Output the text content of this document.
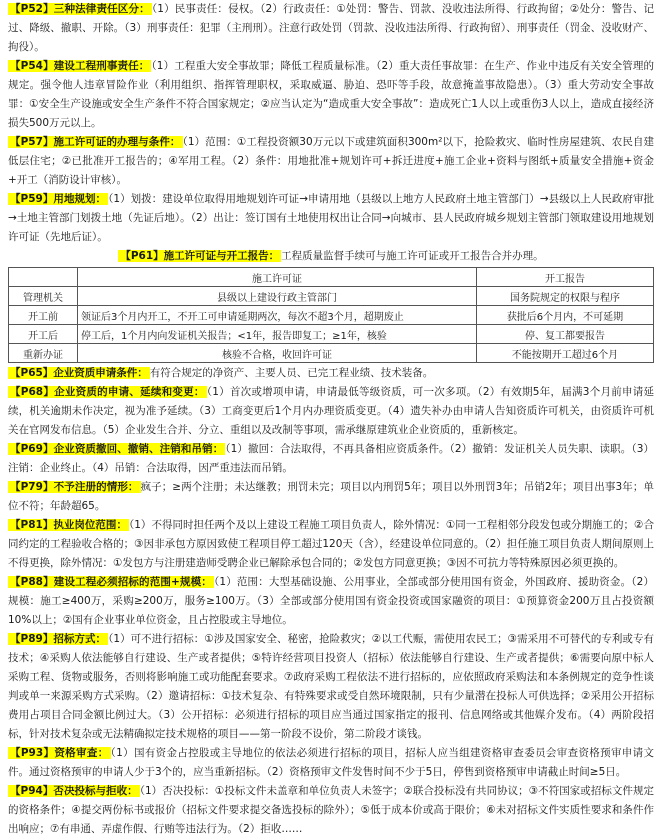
【P52】三种法律责任区分： （1）民事责任：侵权。（2）行政责任：①处罚：警告、罚款、没收违法所得、行政拘留；②处分：警告、记过、降级、撤职、开除。（3）刑事责任：犯罪（主刑刑）。注意行政处罚（罚款、没收违法所得、行政拘留）、刑事责任（罚金、没收财产、拘役）。

【P54】建设工程刑事责任： （1）工程重大安全事故罪；降低工程质量标准。（2）重大责任事故罪：在生产、作业中违反有关安全管理的规定。强令他人违章冒险作业（利用组织、指挥管理职权，采取威逼、胁迫、恐吓等手段，故意掩盖事故隐患）。（3）重大劳动安全事故罪：①安全生产设施或安全生产条件不符合国家规定；②应当认定为“造成重大安全事故”：造成死亡1人以上或重伤3人以上，造成直接经济损失500万元以上。

【P57】施工许可证的办理与条件： （1）范围：①工程投资额30万元以下或建筑面积300m²以下，抢险救灾、临时性房屋建筑、农民自建低层住宅；②已批准开工报告的；④军用工程。（2）条件：用地批准+规划许可+拆迁进度+施工企业+资料与图纸+质量安全措施+资金+开工（消防设计审核）。

【P59】用地规划： （1）划拨：建设单位取得用地规划许可证→申请用地（县级以上地方人民政府土地主管部门）→县级以上人民政府审批→土地主管部门划拨土地（先证后地）。（2）出让：签订国有土地使用权出让合同→向城市、县人民政府城乡规划主管部门领取建设用地规划许可证（先地后证）。

【P61】施工许可证与开工报告： 工程质量监督手续可与施工许可证或开工报告合并办理。

	施工许可证	开工报告
管理机关	县级以上建设行政主管部门	国务院规定的权限与程序
开工前	领证后3个月内开工，不开工可申请延期两次，每次不超3个月，超期废止	获批后6个月内，不可延期
开工后	停工后，1个月内向发证机关报告；<1年，报告即复工；≥1年，核验	停、复工都要报告
重新办证	核验不合格，收回许可证	不能按期开工超过6个月

【P65】企业资质申请条件： 有符合规定的净资产、主要人员、已完工程业绩、技术装备。

【P68】企业资质的申请、延续和变更： （1）首次或增项申请，申请最低等级资质，可一次多项。（2）有效期5年，届满3个月前申请延续，机关逾期未作决定，视为准予延续。（3）工商变更后1个月内办理资质变更。（4）遗失补办由申请人告知资质许可机关，由资质许可机关在官网发布信息。（5）企业发生合并、分立、重组以及改制等事项，需承继原建筑业企业资质的，重新核定。

【P69】企业资质撤回、撤销、注销和吊销： （1）撤回：合法取得，不再具备相应资质条件。（2）撤销：发证机关人员失职、读职。（3）注销：企业终止。（4）吊销：合法取得，因严重违法而吊销。

【P79】不予注册的情形： 疯子；≥两个注册；未达继教；刑罚未完；项目以内刑罚5年；项目以外刑罚3年；吊销2年；项目出事3年；单位不符；年龄超65。

【P81】执业岗位范围： （1）不得同时担任两个及以上建设工程施工项目负责人，除外情况：①同一工程相邻分段发包或分期施工的；②合同约定的工程验收合格的；③因非承包方原因致使工程项目停工超过120天（含），经建设单位同意的。（2）担任施工项目负责人期间原则上不得更换，除外情况：①发包方与注册建造师受聘企业已解除承包合同的；②发包方同意更换；③因不可抗力等特殊原因必须更换的。

【P88】建设工程必须招标的范围+规模： （1）范围：大型基础设施、公用事业，全部或部分使用国有资金，外国政府、援助资金。（2）规模：施工≥400万，采购≥200万，服务≥100万。（3）全部或部分使用国有资金投资或国家融资的项目：①预算资金200万且占投资额10%以上；②国有企业事业单位资金，且占控股或主导地位。

【P89】招标方式： （1）可不进行招标：①涉及国家安全、秘密，抢险救灾；②以工代赈，需使用农民工；③需采用不可替代的专利或专有技术；④采购人依法能够自行建设、生产或者提供；⑤特许经营项目投资人（招标）依法能够自行建设、生产或者提供；⑥需要向原中标人采购工程、货物或服务，否则将影响施工或功能配套要求。⑦政府采购工程依法不进行招标的，应依照政府采购法和本条例规定的竞争性谈判或单一来源采购方式采购。（2）邀请招标：①技术复杂、有特殊要求或受自然环境限制，只有少量潜在投标人可供选择；②采用公开招标费用占项目合同金额比例过大。（3）公开招标：必须进行招标的项目应当通过国家指定的报刊、信息网络或其他媒介发布。（4）两阶段招标，针对技术复杂或无法精确拟定技术规格的项目——第一阶段不设价，第二阶段才谈钱。

【P93】资格审查： （1）国有资金占控股或主导地位的依法必须进行招标的项目，招标人应当组建资格审查委员会审查资格预审申请文件。通过资格预审的申请人少于3个的，应当重新招标。（2）资格预审文件发售时间不少于5日，停售到资格预审申请截止时间≥5日。

【P94】否决投标与拒收： （1）否决投标：①投标文件未盖章和单位负责人未签字；②联合投标没有共同协议；③不符国家或招标文件规定的资格条件；④提交两份标书或报价（招标文件要求提交备选投标的除外）；⑤低于成本价或高于限价；⑥未对招标文件实质性要求和条件作出响应；⑦有串通、弄虚作假、行贿等违法行为。（2）拒收……
